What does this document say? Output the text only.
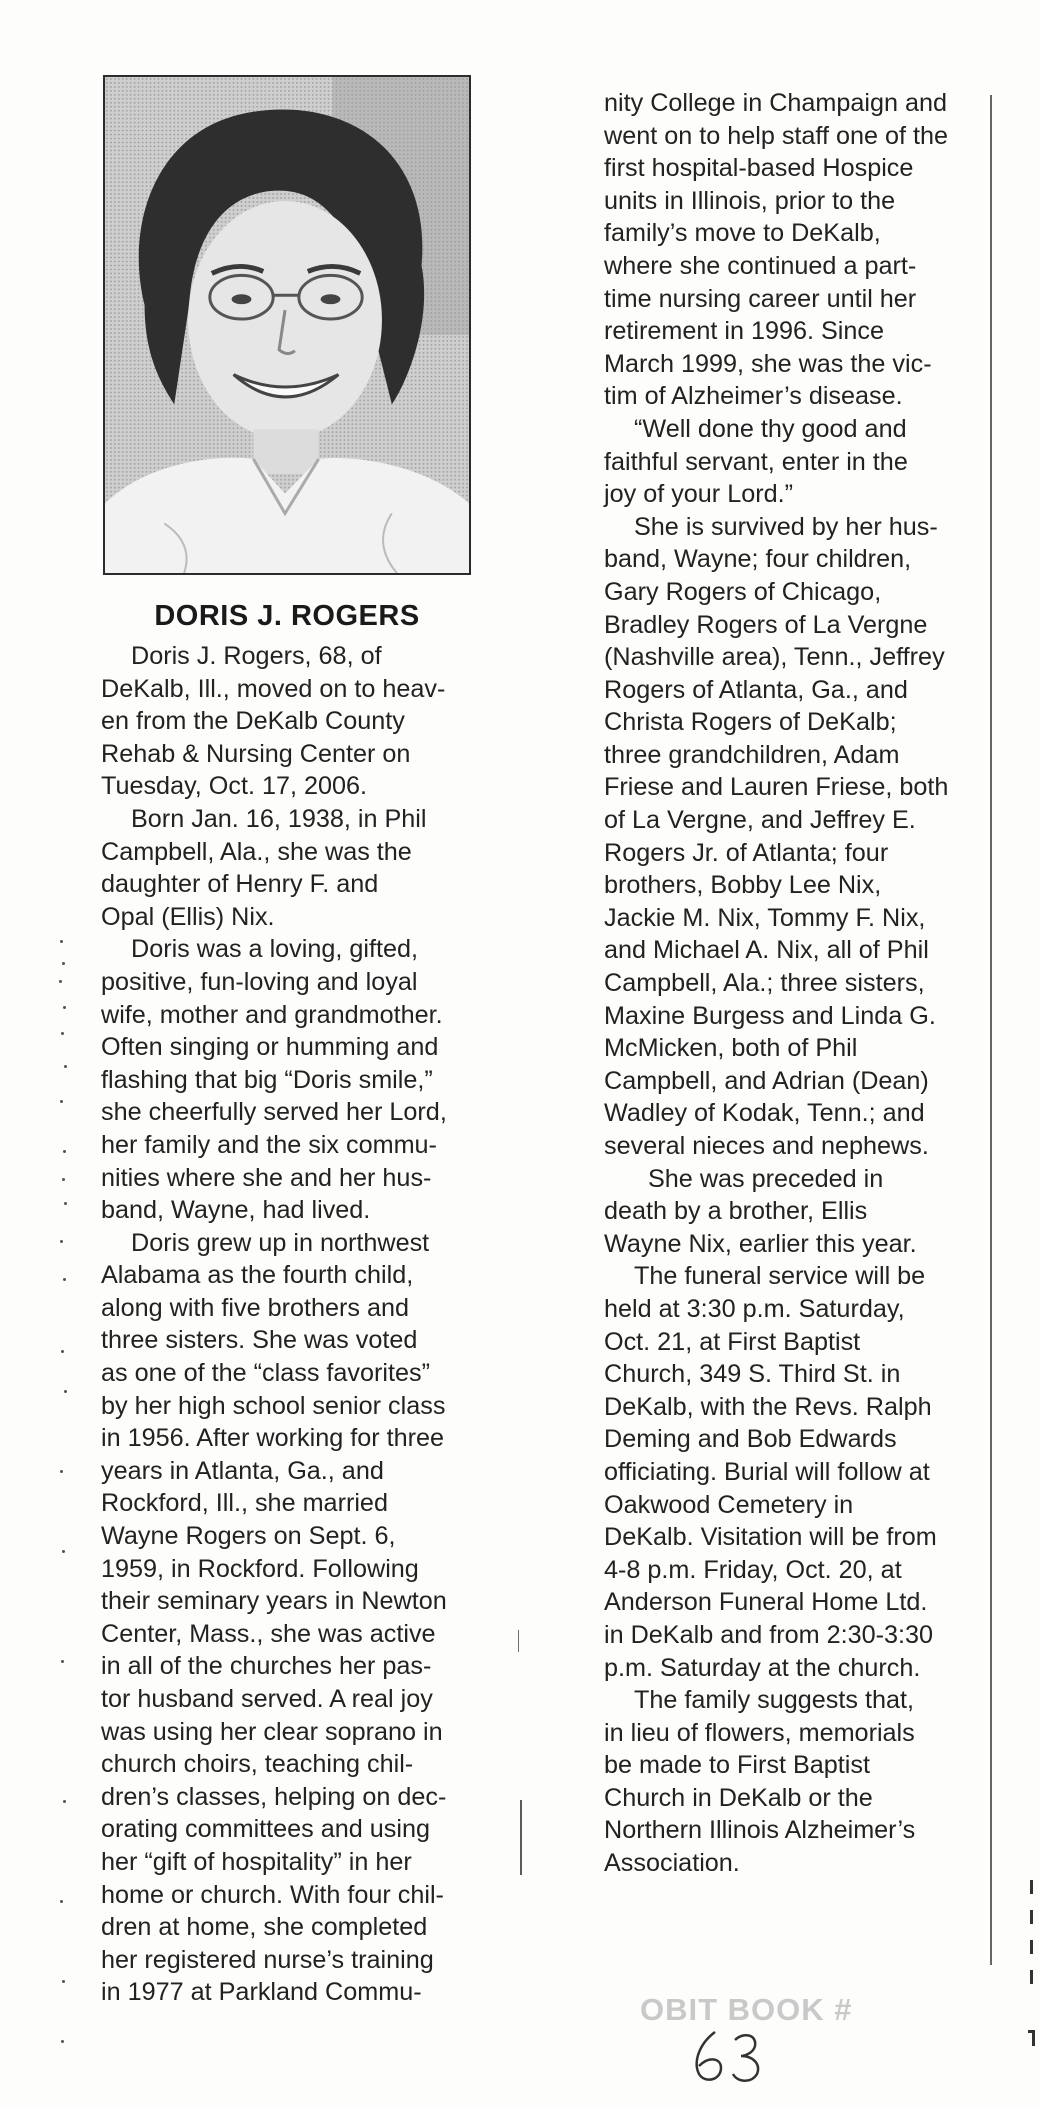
DORIS J. ROGERS
Doris J. Rogers, 68, of
DeKalb, Ill., moved on to heav-
en from the DeKalb County
Rehab & Nursing Center on
Tuesday, Oct. 17, 2006.
Born Jan. 16, 1938, in Phil
Campbell, Ala., she was the
daughter of Henry F. and
Opal (Ellis) Nix.
Doris was a loving, gifted,
positive, fun-loving and loyal
wife, mother and grandmother.
Often singing or humming and
flashing that big “Doris smile,”
she cheerfully served her Lord,
her family and the six commu-
nities where she and her hus-
band, Wayne, had lived.
Doris grew up in northwest
Alabama as the fourth child,
along with five brothers and
three sisters. She was voted
as one of the “class favorites”
by her high school senior class
in 1956. After working for three
years in Atlanta, Ga., and
Rockford, Ill., she married
Wayne Rogers on Sept. 6,
1959, in Rockford. Following
their seminary years in Newton
Center, Mass., she was active
in all of the churches her pas-
tor husband served. A real joy
was using her clear soprano in
church choirs, teaching chil-
dren’s classes, helping on dec-
orating committees and using
her “gift of hospitality” in her
home or church. With four chil-
dren at home, she completed
her registered nurse’s training
in 1977 at Parkland Commu-
nity College in Champaign and
went on to help staff one of the
first hospital-based Hospice
units in Illinois, prior to the
family’s move to DeKalb,
where she continued a part-
time nursing career until her
retirement in 1996. Since
March 1999, she was the vic-
tim of Alzheimer’s disease.
“Well done thy good and
faithful servant, enter in the
joy of your Lord.”
She is survived by her hus-
band, Wayne; four children,
Gary Rogers of Chicago,
Bradley Rogers of La Vergne
(Nashville area), Tenn., Jeffrey
Rogers of Atlanta, Ga., and
Christa Rogers of DeKalb;
three grandchildren, Adam
Friese and Lauren Friese, both
of La Vergne, and Jeffrey E.
Rogers Jr. of Atlanta; four
brothers, Bobby Lee Nix,
Jackie M. Nix, Tommy F. Nix,
and Michael A. Nix, all of Phil
Campbell, Ala.; three sisters,
Maxine Burgess and Linda G.
McMicken, both of Phil
Campbell, and Adrian (Dean)
Wadley of Kodak, Tenn.; and
several nieces and nephews.
She was preceded in
death by a brother, Ellis
Wayne Nix, earlier this year.
The funeral service will be
held at 3:30 p.m. Saturday,
Oct. 21, at First Baptist
Church, 349 S. Third St. in
DeKalb, with the Revs. Ralph
Deming and Bob Edwards
officiating. Burial will follow at
Oakwood Cemetery in
DeKalb. Visitation will be from
4-8 p.m. Friday, Oct. 20, at
Anderson Funeral Home Ltd.
in DeKalb and from 2:30-3:30
p.m. Saturday at the church.
The family suggests that,
in lieu of flowers, memorials
be made to First Baptist
Church in DeKalb or the
Northern Illinois Alzheimer’s
Association.
OBIT BOOK #
